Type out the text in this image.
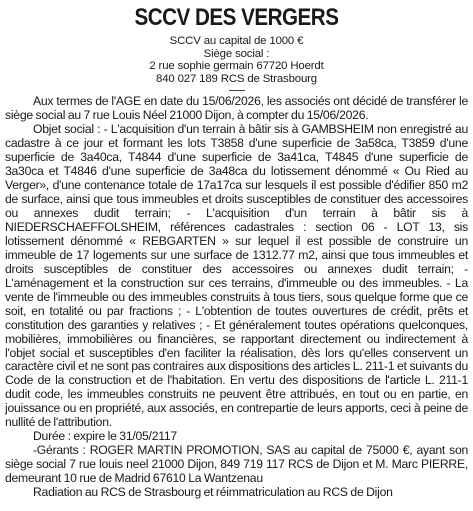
SCCV DES VERGERS
SCCV au capital de 1000 €
Siège social :
2 rue sophie germain 67720 Hoerdt
840 027 189 RCS de Strasbourg

Aux termes de l'AGE en date du 15/06/2026, les associés ont décidé de transférer le siège social au 7 rue Louis Néel 21000 Dijon, à compter du 15/06/2026.

Objet social : - L'acquisition d'un terrain à bâtir sis à GAMBSHEIM non enregistré au cadastre à ce jour et formant les lots T3858 d'une superficie de 3a58ca, T3859 d'une superficie de 3a40ca, T4844 d'une superficie de 3a41ca, T4845 d'une superficie de 3a30ca et T4846 d'une superficie de 3a48ca du lotissement dénommé « Ou Ried au Verger», d'une contenance totale de 17a17ca sur lesquels il est possible d'édifier 850 m2 de surface, ainsi que tous immeubles et droits susceptibles de constituer des accessoires ou annexes dudit terrain; - L'acquisition d'un terrain à bâtir sis à NIEDERSCHAEFFOLSHEIM, références cadastrales : section 06 - LOT 13, sis lotissement dénommé « REBGARTEN » sur lequel il est possible de construire un immeuble de 17 logements sur une surface de 1312.77 m2, ainsi que tous immeubles et droits susceptibles de constituer des accessoires ou annexes dudit terrain; - L'aménagement et la construction sur ces terrains, d'immeuble ou des immeubles. - La vente de l'immeuble ou des immeubles construits à tous tiers, sous quelque forme que ce soit, en totalité ou par fractions ; - L'obtention de toutes ouvertures de crédit, prêts et constitution des garanties y relatives ; - Et généralement toutes opérations quelconques, mobilières, immobilières ou financières, se rapportant directement ou indirectement à l'objet social et susceptibles d'en faciliter la réalisation, dès lors qu'elles conservent un caractère civil et ne sont pas contraires aux dispositions des articles L. 211-1 et suivants du Code de la construction et de l'habitation. En vertu des dispositions de l'article L. 211-1 dudit code, les immeubles construits ne peuvent être attribués, en tout ou en partie, en jouissance ou en propriété, aux associés, en contrepartie de leurs apports, ceci à peine de nullité de l'attribution.

Durée : expire le 31/05/2117

-Gérants : ROGER MARTIN PROMOTION, SAS au capital de 75000 €, ayant son siège social 7 rue louis neel 21000 Dijon, 849 719 117 RCS de Dijon et M. Marc PIERRE, demeurant 10 rue de Madrid 67610 La Wantzenau

Radiation au RCS de Strasbourg et réimmatriculation au RCS de Dijon
